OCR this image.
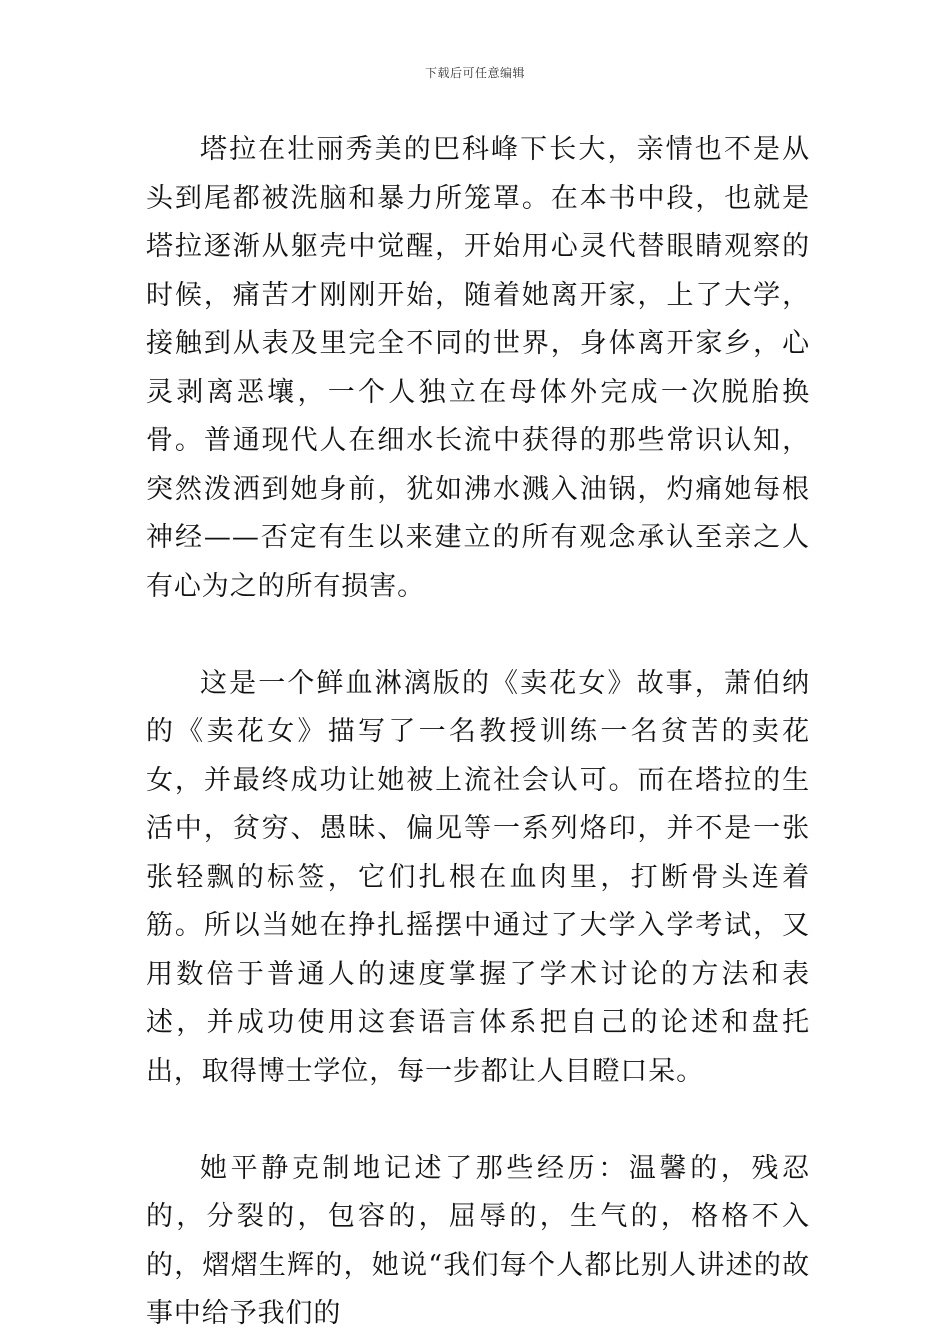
下载后可任意编辑

塔拉在壮丽秀美的巴科峰下长大，亲情也不是从头到尾都被洗脑和暴力所笼罩。在本书中段，也就是塔拉逐渐从躯壳中觉醒，开始用心灵代替眼睛观察的时候，痛苦才刚刚开始，随着她离开家，上了大学，接触到从表及里完全不同的世界，身体离开家乡，心灵剥离恶壤，一个人独立在母体外完成一次脱胎换骨。普通现代人在细水长流中获得的那些常识认知，突然泼洒到她身前，犹如沸水溅入油锅，灼痛她每根神经——否定有生以来建立的所有观念承认至亲之人有心为之的所有损害。

这是一个鲜血淋漓版的《卖花女》故事，萧伯纳的《卖花女》描写了一名教授训练一名贫苦的卖花女，并最终成功让她被上流社会认可。而在塔拉的生活中，贫穷、愚昧、偏见等一系列烙印，并不是一张张轻飘的标签，它们扎根在血肉里，打断骨头连着筋。所以当她在挣扎摇摆中通过了大学入学考试，又用数倍于普通人的速度掌握了学术讨论的方法和表述，并成功使用这套语言体系把自己的论述和盘托出，取得博士学位，每一步都让人目瞪口呆。

她平静克制地记述了那些经历：温馨的，残忍的，分裂的，包容的，屈辱的，生气的，格格不入的，熠熠生辉的，她说“我们每个人都比别人讲述的故事中给予我们的
